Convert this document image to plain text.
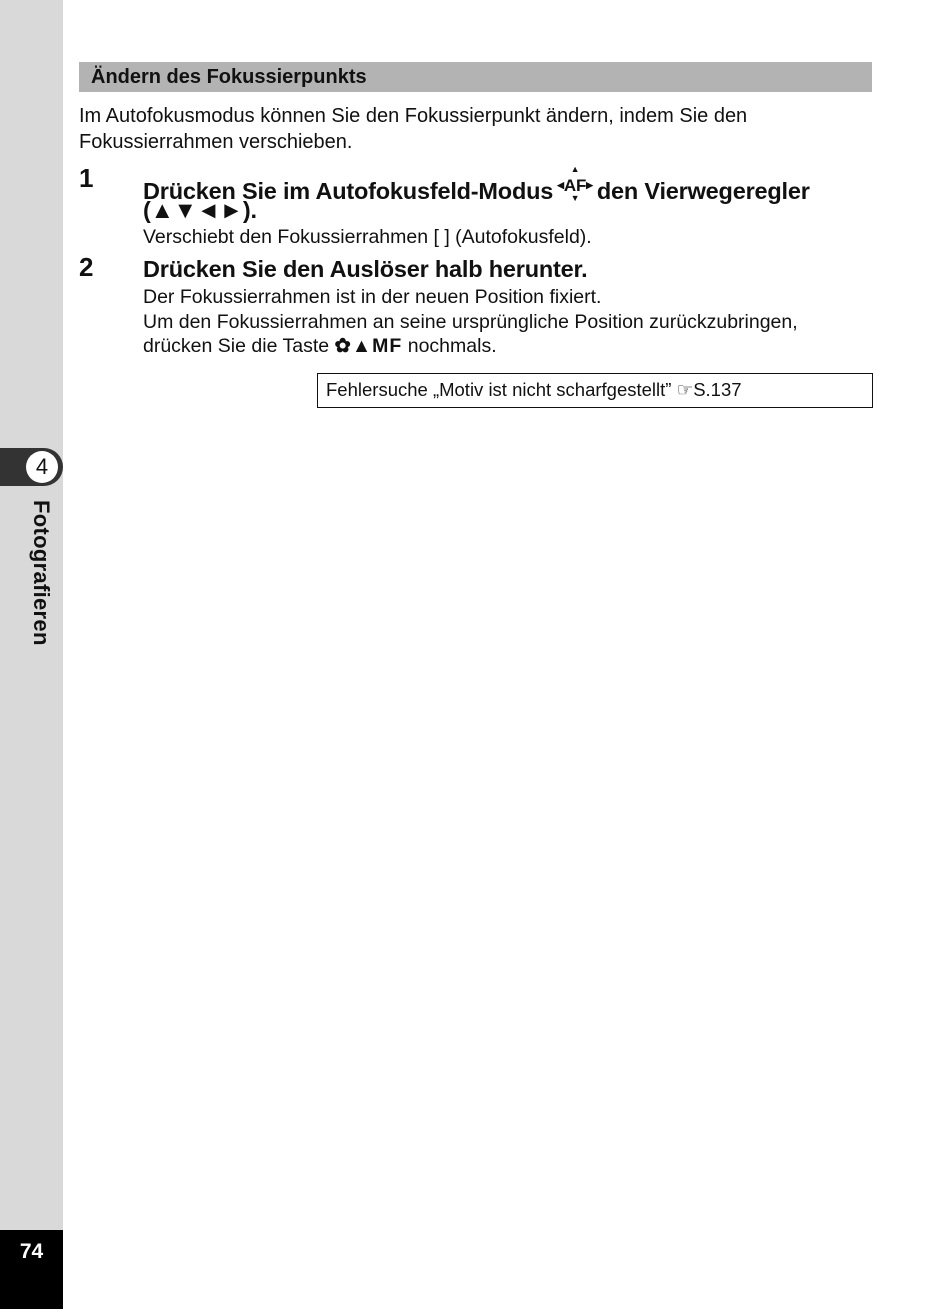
4
Fotografieren
74
Ändern des Fokussierpunkts
Im Autofokusmodus können Sie den Fokussierpunkt ändern, indem Sie den Fokussierrahmen verschieben.
1 Drücken Sie im Autofokusfeld-Modus
▲
◀ AF ▶
▼ den Vierwegeregler
(▲▼◄►).
Verschiebt den Fokussierrahmen [ ] (Autofokusfeld).
2 Drücken Sie den Auslöser halb herunter.
Der Fokussierrahmen ist in der neuen Position fixiert.
Um den Fokussierrahmen an seine ursprüngliche Position zurückzubringen,
drücken Sie die Taste ✿▲MF nochmals.
Fehlersuche „Motiv ist nicht scharfgestellt” ☞S.137
